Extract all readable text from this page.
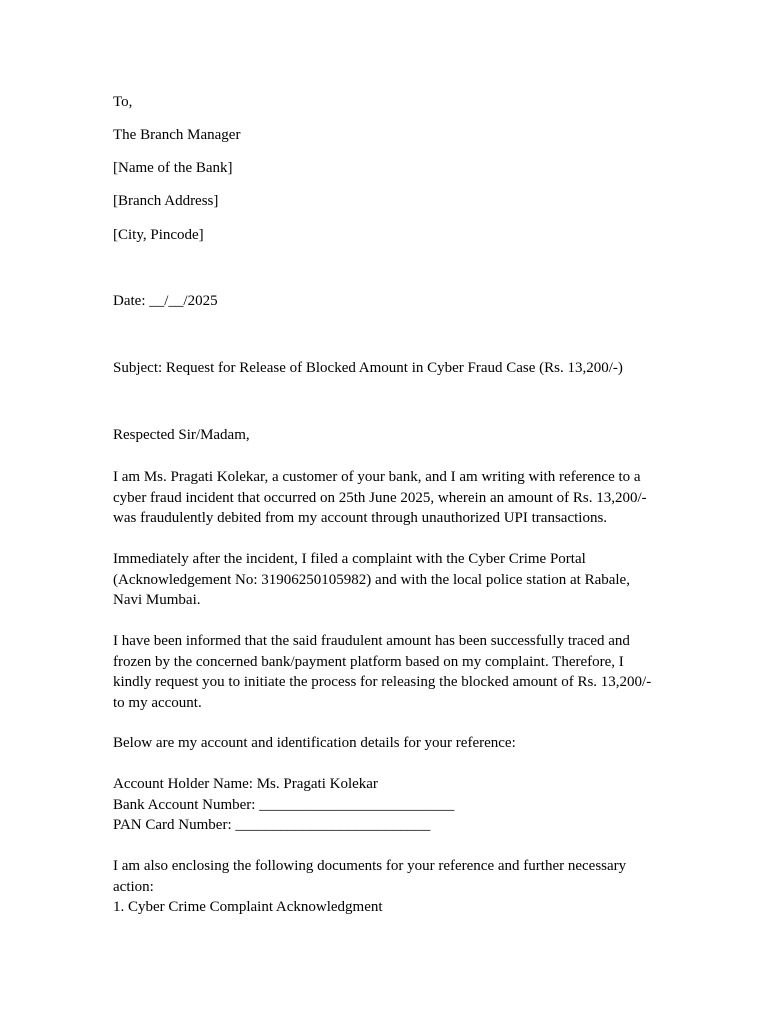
To,

The Branch Manager

[Name of the Bank]

[Branch Address]

[City, Pincode]

Date: __/__/2025

Subject: Request for Release of Blocked Amount in Cyber Fraud Case (Rs. 13,200/-)

Respected Sir/Madam,

I am Ms. Pragati Kolekar, a customer of your bank, and I am writing with reference to a
cyber fraud incident that occurred on 25th June 2025, wherein an amount of Rs. 13,200/-
was fraudulently debited from my account through unauthorized UPI transactions.
Immediately after the incident, I filed a complaint with the Cyber Crime Portal
(Acknowledgement No: 31906250105982) and with the local police station at Rabale,
Navi Mumbai.
I have been informed that the said fraudulent amount has been successfully traced and
frozen by the concerned bank/payment platform based on my complaint. Therefore, I
kindly request you to initiate the process for releasing the blocked amount of Rs. 13,200/-
to my account.

Below are my account and identification details for your reference:

Account Holder Name: Ms. Pragati Kolekar
Bank Account Number: __________________________
PAN Card Number: __________________________
I am also enclosing the following documents for your reference and further necessary
action:
1. Cyber Crime Complaint Acknowledgment
